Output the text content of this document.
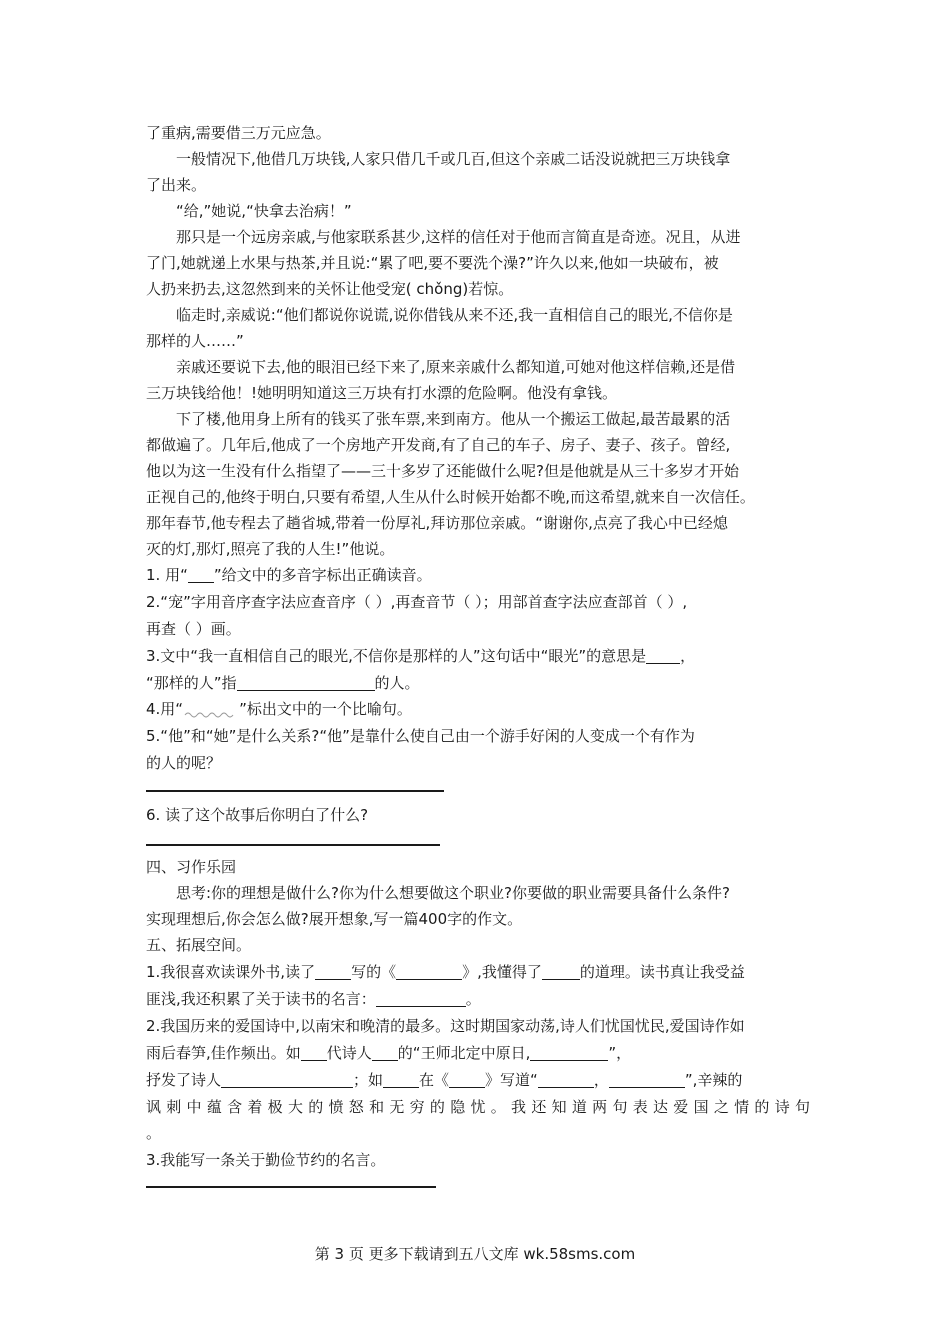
了重病,需要借三万元应急。
一般情况下,他借几万块钱,人家只借几千或几百,但这个亲戚二话没说就把三万块钱拿
了出来。
“给,”她说,“快拿去治病！”
那只是一个远房亲戚,与他家联系甚少,这样的信任对于他而言简直是奇迹。况且，从进
了门,她就递上水果与热茶,并且说:“累了吧,要不要洗个澡?”许久以来,他如一块破布，被
人扔来扔去,这忽然到来的关怀让他受宠( chǒng)若惊。
临走时,亲威说:“他们都说你说谎,说你借钱从来不还,我一直相信自己的眼光,不信你是
那样的人……”
亲戚还要说下去,他的眼泪已经下来了,原来亲戚什么都知道,可她对他这样信赖,还是借
三万块钱给他！!她明明知道这三万块有打水漂的危险啊。他没有拿钱。
下了楼,他用身上所有的钱买了张车票,来到南方。他从一个搬运工做起,最苦最累的活
都做遍了。几年后,他成了一个房地产开发商,有了自己的车子、房子、妻子、孩子。曾经,
他以为这一生没有什么指望了——三十多岁了还能做什么呢?但是他就是从三十多岁才开始
正视自己的,他终于明白,只要有希望,人生从什么时候开始都不晚,而这希望,就来自一次信任。
那年春节,他专程去了趟省城,带着一份厚礼,拜访那位亲戚。“谢谢你,点亮了我心中已经熄
灭的灯,那灯,照亮了我的人生!”他说。
1. 用“ ”给文中的多音字标出正确读音。
2.“宠”字用音序查字法应查音序（ ）,再查音节（ ）；用部首查字法应查部首（ ）,
再查（ ）画。
3.文中“我一直相信自己的眼光,不信你是那样的人”这句话中“眼光”的意思是 ，
“那样的人”指	的人。
4.用“	”标出文中的一个比喻句。
5.“他”和“她”是什么关系?“他”是靠什么使自己由一个游手好闲的人变成一个有作为
的人的呢？
6. 读了这个故事后你明白了什么?
四、习作乐园
思考:你的理想是做什么?你为什么想要做这个职业?你要做的职业需要具备什么条件?
实现理想后,你会怎么做?展开想象,写一篇400字的作文。
五、拓展空间。
1.我很喜欢读课外书,读了 写的《	》,我懂得了	的道理。读书真让我受益
匪浅,我还积累了关于读书的名言：	。
2.我国历来的爱国诗中,以南宋和晚清的最多。这时期国家动荡,诗人们忧国忧民,爱国诗作如
雨后春笋,佳作频出。如 代诗人 的“王师北定中原日,	”，
抒发了诗人	；如 在《 》写道“	，	”,辛辣的
讽刺中蕴含着极大的愤怒和无穷的隐忧。我还知道两句表达爱国之情的诗句
。
3.我能写一条关于勤俭节约的名言。
第 3 页 更多下载请到五八文库 wk.58sms.com
